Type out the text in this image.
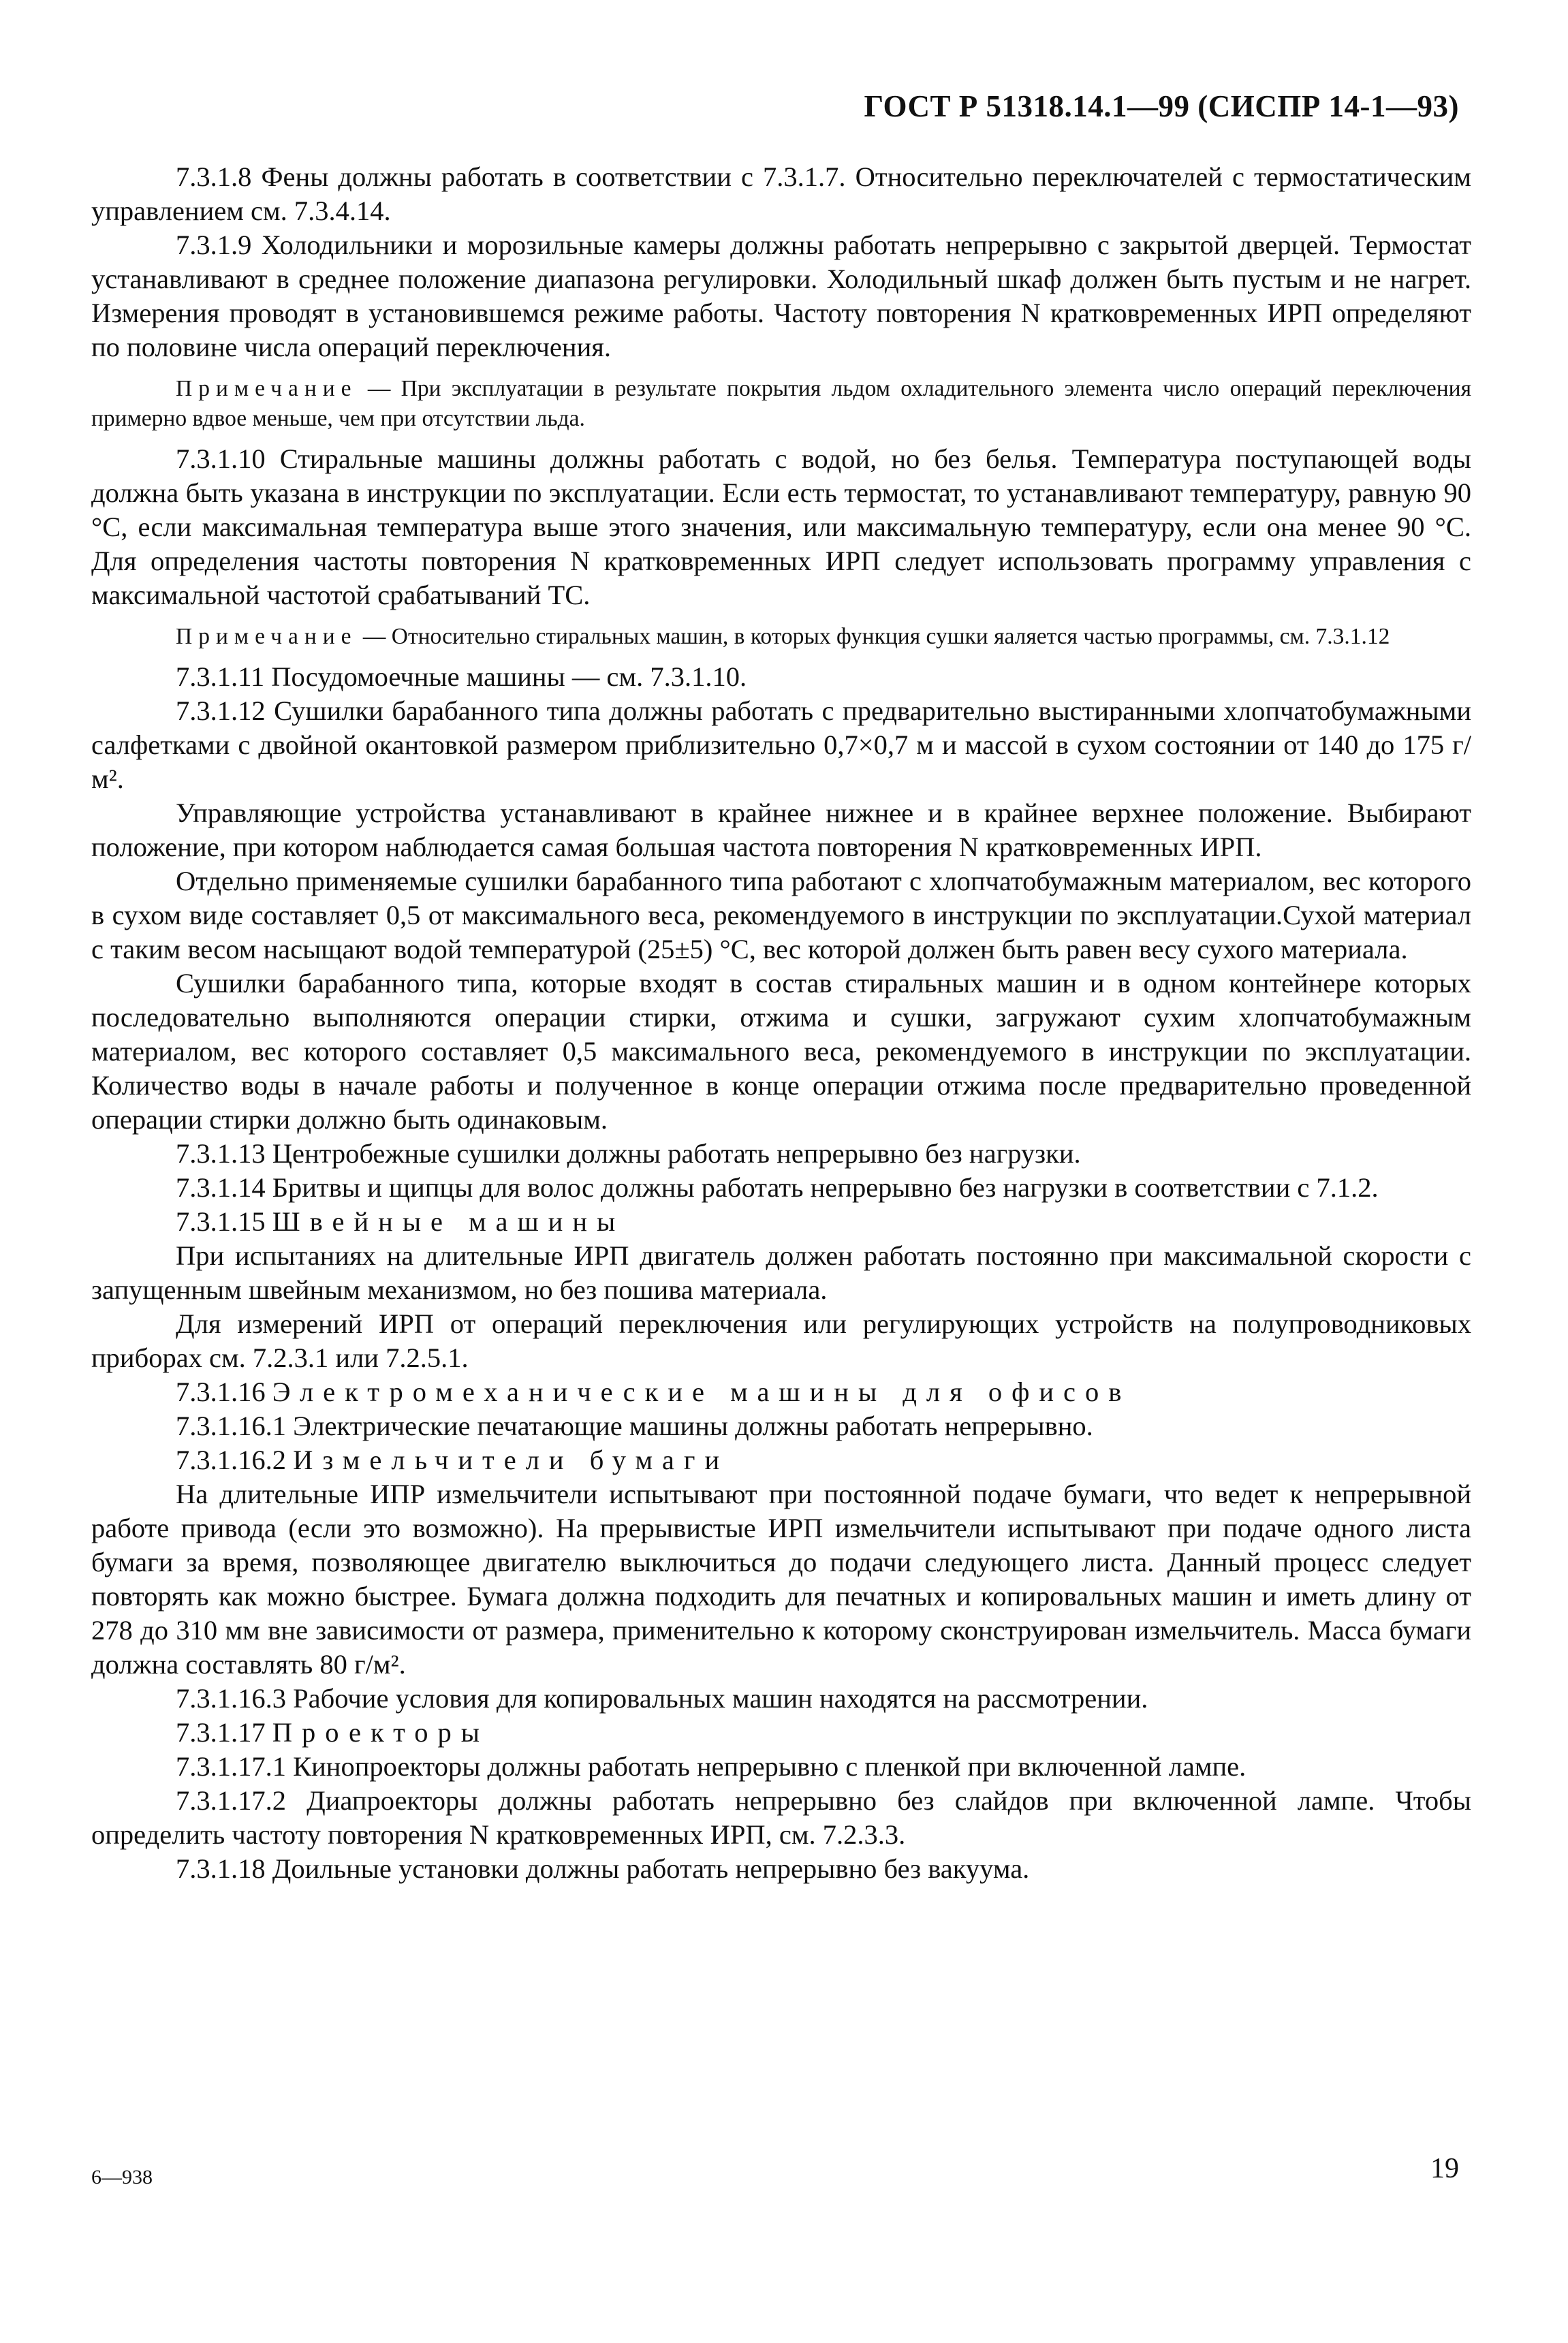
ГОСТ Р 51318.14.1—99 (СИСПР 14-1—93)

7.3.1.8 Фены должны работать в соответствии с 7.3.1.7. Относительно переключателей с термостатическим управлением см. 7.3.4.14.

7.3.1.9 Холодильники и морозильные камеры должны работать непрерывно с закрытой дверцей. Термостат устанавливают в среднее положение диапазона регулировки. Холодильный шкаф должен быть пустым и не нагрет. Измерения проводят в установившемся режиме работы. Частоту повторения N кратковременных ИРП определяют по половине числа операций переключения.

Примечание — При эксплуатации в результате покрытия льдом охладительного элемента число операций переключения примерно вдвое меньше, чем при отсутствии льда.

7.3.1.10 Стиральные машины должны работать с водой, но без белья. Температура поступающей воды должна быть указана в инструкции по эксплуатации. Если есть термостат, то устанавливают температуру, равную 90 °С, если максимальная температура выше этого значения, или максимальную температуру, если она менее 90 °С. Для определения частоты повторения N кратковременных ИРП следует использовать программу управления с максимальной частотой срабатываний ТС.

Примечание — Относительно стиральных машин, в которых функция сушки яаляется частью программы, см. 7.3.1.12

7.3.1.11 Посудомоечные машины — см. 7.3.1.10.

7.3.1.12 Сушилки барабанного типа должны работать с предварительно выстиранными хлопчатобумажными салфетками с двойной окантовкой размером приблизительно 0,7×0,7 м и массой в сухом состоянии от 140 до 175 г/м².

Управляющие устройства устанавливают в крайнее нижнее и в крайнее верхнее положение. Выбирают положение, при котором наблюдается самая большая частота повторения N кратковременных ИРП.

Отдельно применяемые сушилки барабанного типа работают с хлопчатобумажным материалом, вес которого в сухом виде составляет 0,5 от максимального веса, рекомендуемого в инструкции по эксплуатации.Сухой материал с таким весом насыщают водой температурой (25±5) °С, вес которой должен быть равен весу сухого материала.

Сушилки барабанного типа, которые входят в состав стиральных машин и в одном контейнере которых последовательно выполняются операции стирки, отжима и сушки, загружают сухим хлопчатобумажным материалом, вес которого составляет 0,5 максимального веса, рекомендуемого в инструкции по эксплуатации. Количество воды в начале работы и полученное в конце операции отжима после предварительно проведенной операции стирки должно быть одинаковым.

7.3.1.13 Центробежные сушилки должны работать непрерывно без нагрузки.

7.3.1.14 Бритвы и щипцы для волос должны работать непрерывно без нагрузки в соответствии с 7.1.2.

7.3.1.15 Швейные машины

При испытаниях на длительные ИРП двигатель должен работать постоянно при максимальной скорости с запущенным швейным механизмом, но без пошива материала.

Для измерений ИРП от операций переключения или регулирующих устройств на полупроводниковых приборах см. 7.2.3.1 или 7.2.5.1.

7.3.1.16 Электромеханические машины для офисов

7.3.1.16.1 Электрические печатающие машины должны работать непрерывно.

7.3.1.16.2 Измельчители бумаги

На длительные ИПР измельчители испытывают при постоянной подаче бумаги, что ведет к непрерывной работе привода (если это возможно). На прерывистые ИРП измельчители испытывают при подаче одного листа бумаги за время, позволяющее двигателю выключиться до подачи следующего листа. Данный процесс следует повторять как можно быстрее. Бумага должна подходить для печатных и копировальных машин и иметь длину от 278 до 310 мм вне зависимости от размера, применительно к которому сконструирован измельчитель. Масса бумаги должна составлять 80 г/м².

7.3.1.16.3 Рабочие условия для копировальных машин находятся на рассмотрении.

7.3.1.17 Проекторы

7.3.1.17.1 Кинопроекторы должны работать непрерывно с пленкой при включенной лампе.

7.3.1.17.2 Диапроекторы должны работать непрерывно без слайдов при включенной лампе. Чтобы определить частоту повторения N кратковременных ИРП, см. 7.2.3.3.

7.3.1.18 Доильные установки должны работать непрерывно без вакуума.

6—938	19
